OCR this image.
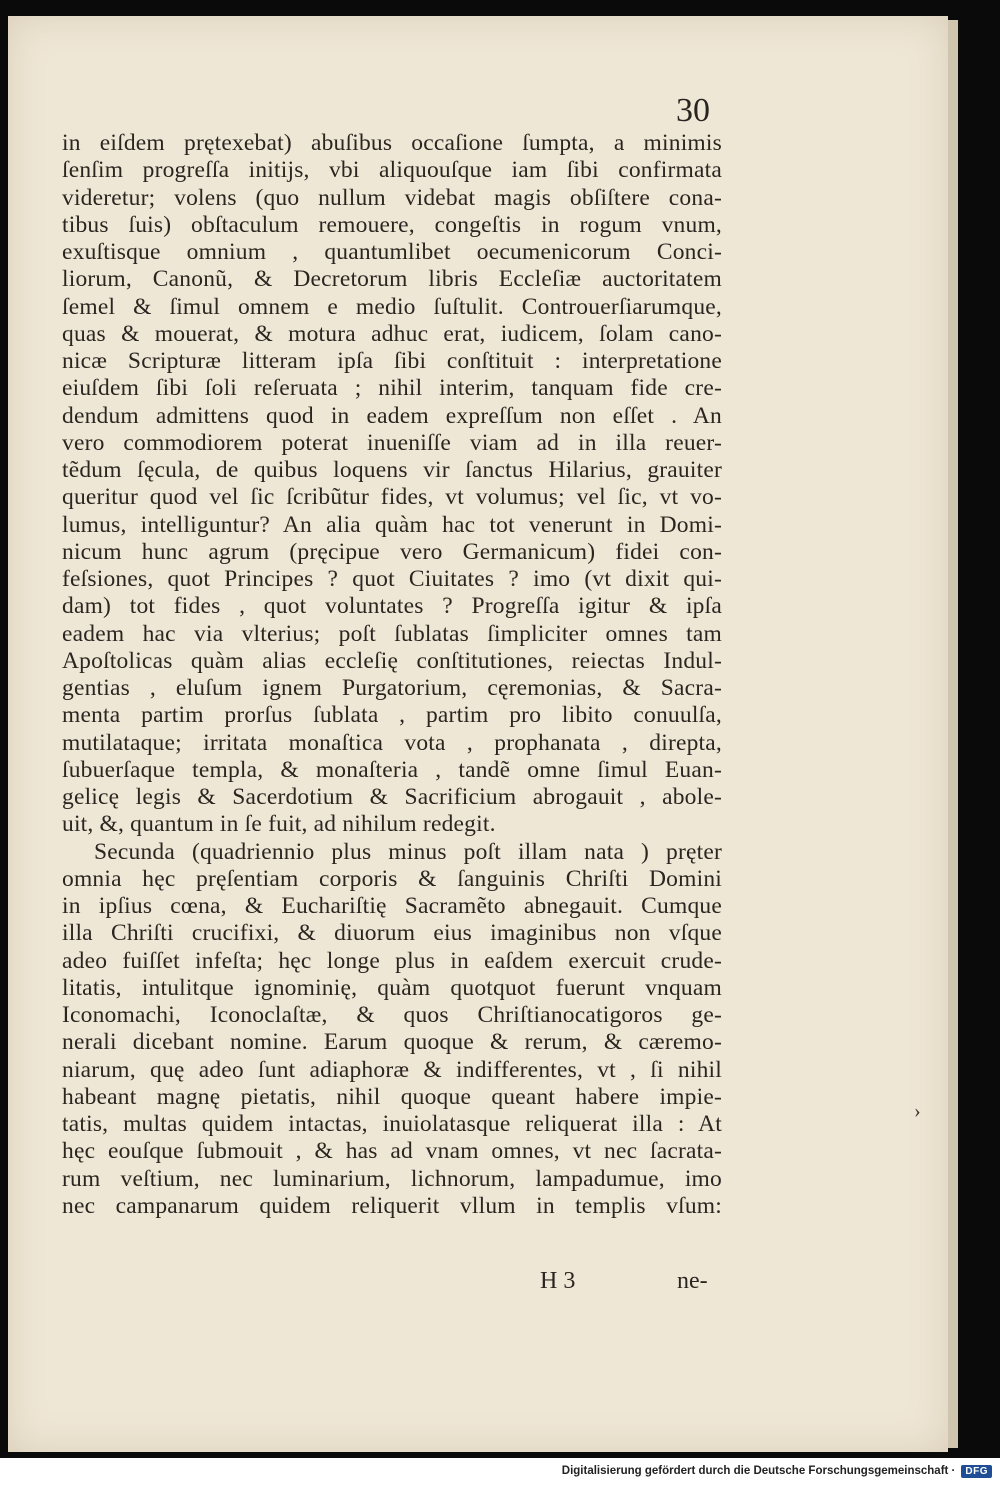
30
in eiſdem prętexebat) abuſibus occaſione ſumpta, a minimis
ſenſim progreſſa initijs, vbi aliquouſque iam ſibi confirmata
videretur; volens (quo nullum videbat magis obſiſtere cona-
tibus ſuis) obſtaculum remouere, congeſtis in rogum vnum,
exuſtisque omnium , quantumlibet oecumenicorum Conci-
liorum, Canonũ, & Decretorum libris Eccleſiæ auctoritatem
ſemel & ſimul omnem e medio ſuſtulit. Controuerſiarumque,
quas & mouerat, & motura adhuc erat, iudicem, ſolam cano-
nicæ Scripturæ litteram ipſa ſibi conſtituit : interpretatione
eiuſdem ſibi ſoli reſeruata ; nihil interim, tanquam fide cre-
dendum admittens quod in eadem expreſſum non eſſet . An
vero commodiorem poterat inueniſſe viam ad in illa reuer-
tẽdum ſęcula, de quibus loquens vir ſanctus Hilarius, grauiter
queritur quod vel ſic ſcribũtur fides, vt volumus; vel ſic, vt vo-
lumus, intelliguntur? An alia quàm hac tot venerunt in Domi-
nicum hunc agrum (pręcipue vero Germanicum) fidei con-
feſsiones, quot Principes ? quot Ciuitates ? imo (vt dixit qui-
dam) tot fides , quot voluntates ? Progreſſa igitur & ipſa
eadem hac via vlterius; poſt ſublatas ſimpliciter omnes tam
Apoſtolicas quàm alias eccleſię conſtitutiones, reiectas Indul-
gentias , eluſum ignem Purgatorium, cęremonias, & Sacra-
menta partim prorſus ſublata , partim pro libito conuulſa,
mutilataque; irritata monaſtica vota , prophanata , direpta,
ſubuerſaque templa, & monaſteria , tandẽ omne ſimul Euan-
gelicę legis & Sacerdotium & Sacrificium abrogauit , abole-
uit, &, quantum in ſe fuit, ad nihilum redegit.
Secunda (quadriennio plus minus poſt illam nata ) pręter
omnia hęc pręſentiam corporis & ſanguinis Chriſti Domini
in ipſius cœna, & Euchariſtię Sacramẽto abnegauit. Cumque
illa Chriſti crucifixi, & diuorum eius imaginibus non vſque
adeo fuiſſet infeſta; hęc longe plus in eaſdem exercuit crude-
litatis, intulitque ignominię, quàm quotquot fuerunt vnquam
Iconomachi, Iconoclaſtæ, & quos Chriſtianocatigoros ge-
nerali dicebant nomine. Earum quoque & rerum, & cæremo-
niarum, quę adeo ſunt adiaphoræ & indifferentes, vt , ſi nihil
habeant magnę pietatis, nihil quoque queant habere impie-
tatis, multas quidem intactas, inuiolatasque reliquerat illa : At
hęc eouſque ſubmouit , & has ad vnam omnes, vt nec ſacrata-
rum veſtium, nec luminarium, lichnorum, lampadumue, imo
nec campanarum quidem reliquerit vllum in templis vſum:
H 3	ne-
›
Digitalisierung gefördert durch die Deutsche Forschungsgemeinschaft ·	DFG
